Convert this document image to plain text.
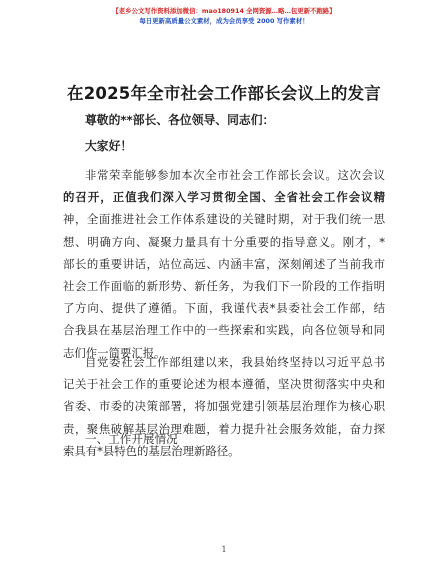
【老乡公文写作资料添加微信：mao180914 全网资源…略…包更新不跑路】
每日更新高质量公文素材，成为会员享受 2000 写作素材！
在2025年全市社会工作部长会议上的发言
尊敬的**部长、各位领导、同志们：
大家好！
非常荣幸能够参加本次全市社会工作部长会议。这次会议
的召开，正值我们深入学习贯彻全国、全省社会工作会议精
神，全面推进社会工作体系建设的关键时期，对于我们统一思
想、明确方向、凝聚力量具有十分重要的指导意义。刚才，*
部长的重要讲话，站位高远、内涵丰富，深刻阐述了当前我市
社会工作面临的新形势、新任务，为我们下一阶段的工作指明
了方向、提供了遵循。下面，我谨代表*县委社会工作部，结
合我县在基层治理工作中的一些探索和实践，向各位领导和同
志们作一简要汇报。
自党委社会工作部组建以来，我县始终坚持以习近平总书
记关于社会工作的重要论述为根本遵循，坚决贯彻落实中央和
省委、市委的决策部署，将加强党建引领基层治理作为核心职
责，聚焦破解基层治理难题，着力提升社会服务效能，奋力探
索具有*县特色的基层治理新路径。
一、工作开展情况
1
